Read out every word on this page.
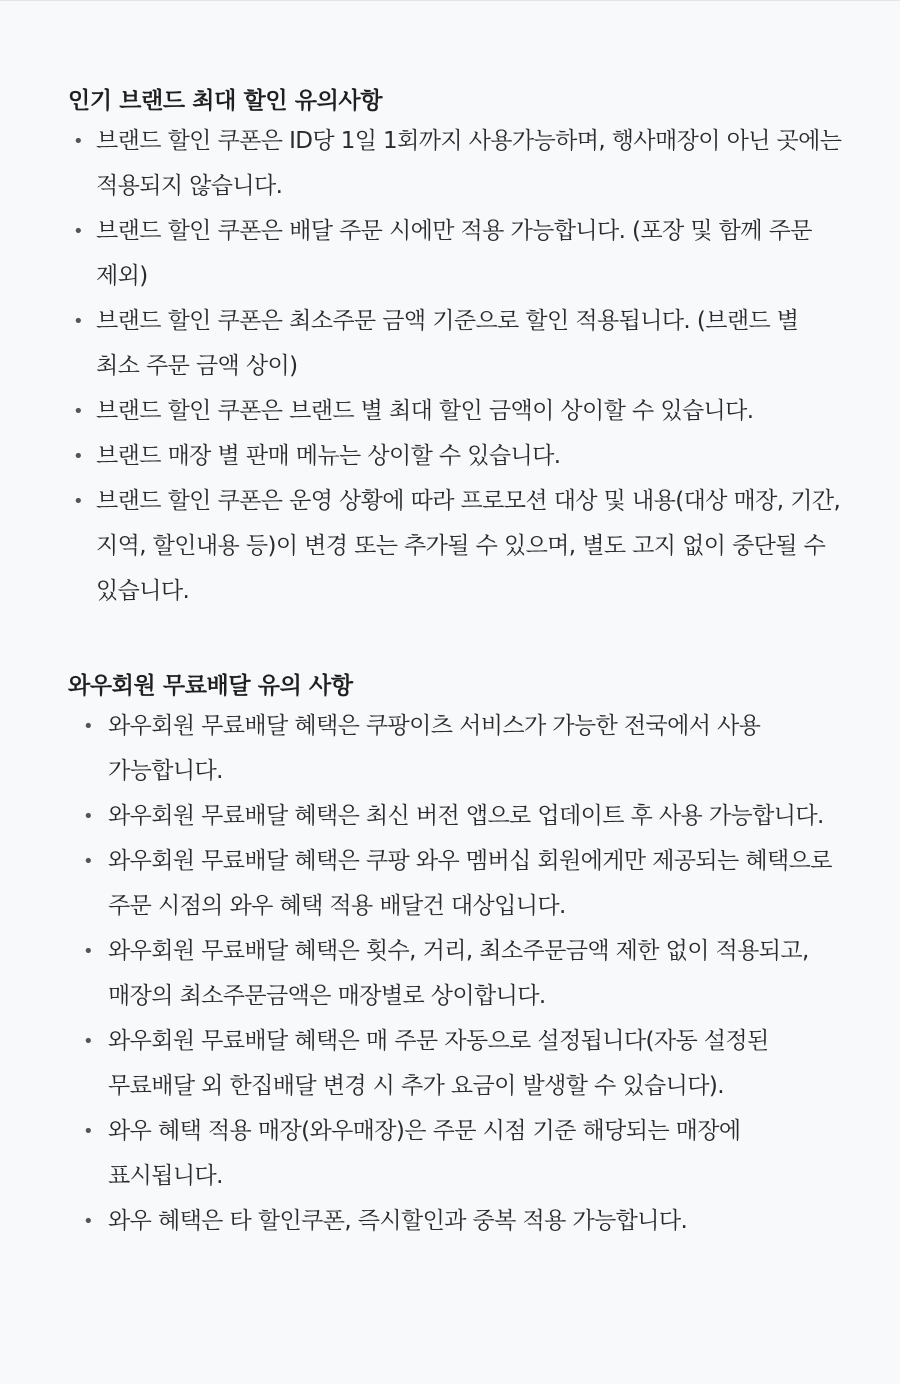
인기 브랜드 최대 할인 유의사항
• 브랜드 할인 쿠폰은 ID당 1일 1회까지 사용가능하며, 행사매장이 아닌 곳에는 적용되지 않습니다.
• 브랜드 할인 쿠폰은 배달 주문 시에만 적용 가능합니다. (포장 및 함께 주문 제외)
• 브랜드 할인 쿠폰은 최소주문 금액 기준으로 할인 적용됩니다. (브랜드 별 최소 주문 금액 상이)
• 브랜드 할인 쿠폰은 브랜드 별 최대 할인 금액이 상이할 수 있습니다.
• 브랜드 매장 별 판매 메뉴는 상이할 수 있습니다.
• 브랜드 할인 쿠폰은 운영 상황에 따라 프로모션 대상 및 내용(대상 매장, 기간, 지역, 할인내용 등)이 변경 또는 추가될 수 있으며, 별도 고지 없이 중단될 수 있습니다.
와우회원 무료배달 유의 사항
• 와우회원 무료배달 혜택은 쿠팡이츠 서비스가 가능한 전국에서 사용 가능합니다.
• 와우회원 무료배달 혜택은 최신 버전 앱으로 업데이트 후 사용 가능합니다.
• 와우회원 무료배달 혜택은 쿠팡 와우 멤버십 회원에게만 제공되는 혜택으로 주문 시점의 와우 혜택 적용 배달건 대상입니다.
• 와우회원 무료배달 혜택은 횟수, 거리, 최소주문금액 제한 없이 적용되고, 매장의 최소주문금액은 매장별로 상이합니다.
• 와우회원 무료배달 혜택은 매 주문 자동으로 설정됩니다(자동 설정된 무료배달 외 한집배달 변경 시 추가 요금이 발생할 수 있습니다).
• 와우 혜택 적용 매장(와우매장)은 주문 시점 기준 해당되는 매장에 표시됩니다.
• 와우 혜택은 타 할인쿠폰, 즉시할인과 중복 적용 가능합니다.
